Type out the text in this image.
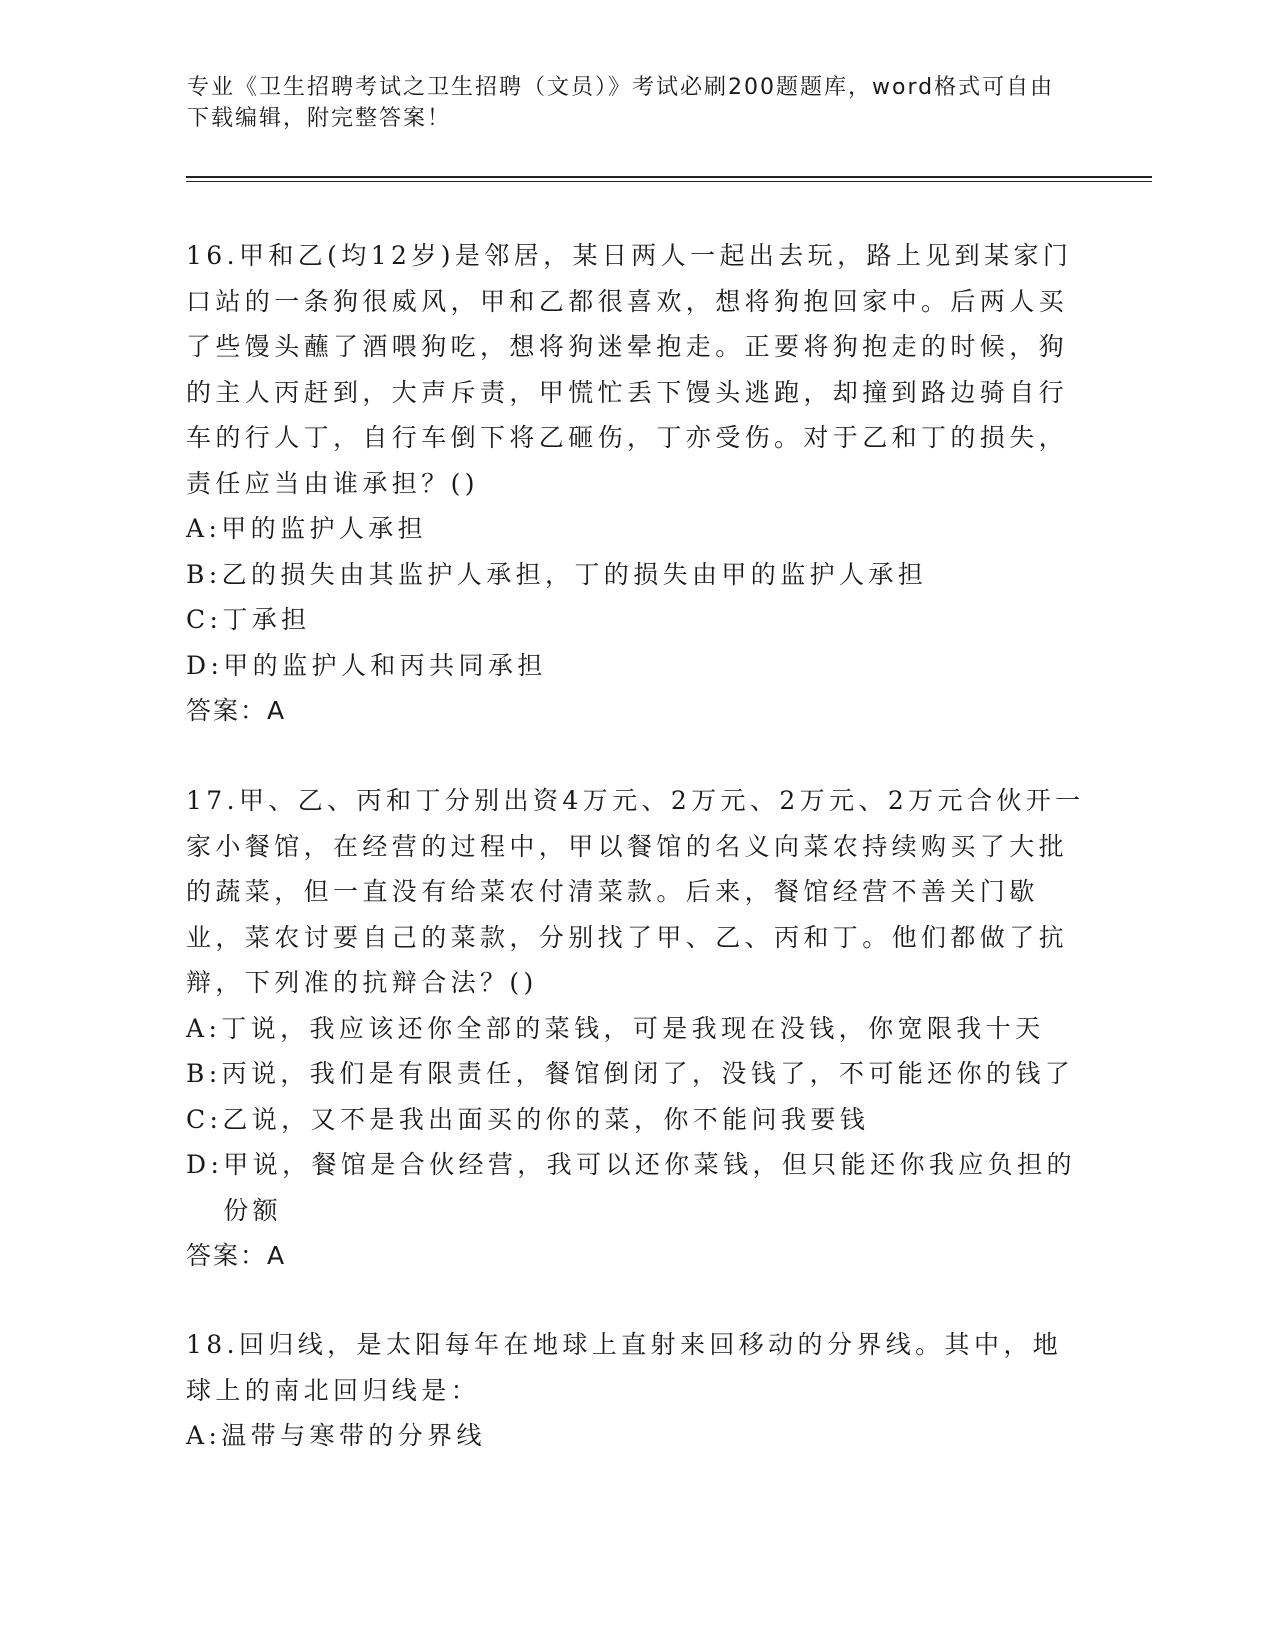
专业《卫生招聘考试之卫生招聘（文员）》考试必刷200题题库，word格式可自由下载编辑，附完整答案！

16.甲和乙(均12岁)是邻居，某日两人一起出去玩，路上见到某家门口站的一条狗很威风，甲和乙都很喜欢，想将狗抱回家中。后两人买了些馒头蘸了酒喂狗吃，想将狗迷晕抱走。正要将狗抱走的时候，狗的主人丙赶到，大声斥责，甲慌忙丢下馒头逃跑，却撞到路边骑自行车的行人丁，自行车倒下将乙砸伤，丁亦受伤。对于乙和丁的损失，责任应当由谁承担？()

A: 甲的监护人承担

B: 乙的损失由其监护人承担，丁的损失由甲的监护人承担

C: 丁承担

D: 甲的监护人和丙共同承担

答案：A

17.甲、乙、丙和丁分别出资4万元、2万元、2万元、2万元合伙开一家小餐馆，在经营的过程中，甲以餐馆的名义向菜农持续购买了大批的蔬菜，但一直没有给菜农付清菜款。后来，餐馆经营不善关门歇业，菜农讨要自己的菜款，分别找了甲、乙、丙和丁。他们都做了抗辩，下列准的抗辩合法？()

A: 丁说，我应该还你全部的菜钱，可是我现在没钱，你宽限我十天

B: 丙说，我们是有限责任，餐馆倒闭了，没钱了，不可能还你的钱了

C: 乙说，又不是我出面买的你的菜，你不能问我要钱

D: 甲说，餐馆是合伙经营，我可以还你菜钱，但只能还你我应负担的份额

答案：A

18.回归线，是太阳每年在地球上直射来回移动的分界线。其中，地球上的南北回归线是：

A: 温带与寒带的分界线
